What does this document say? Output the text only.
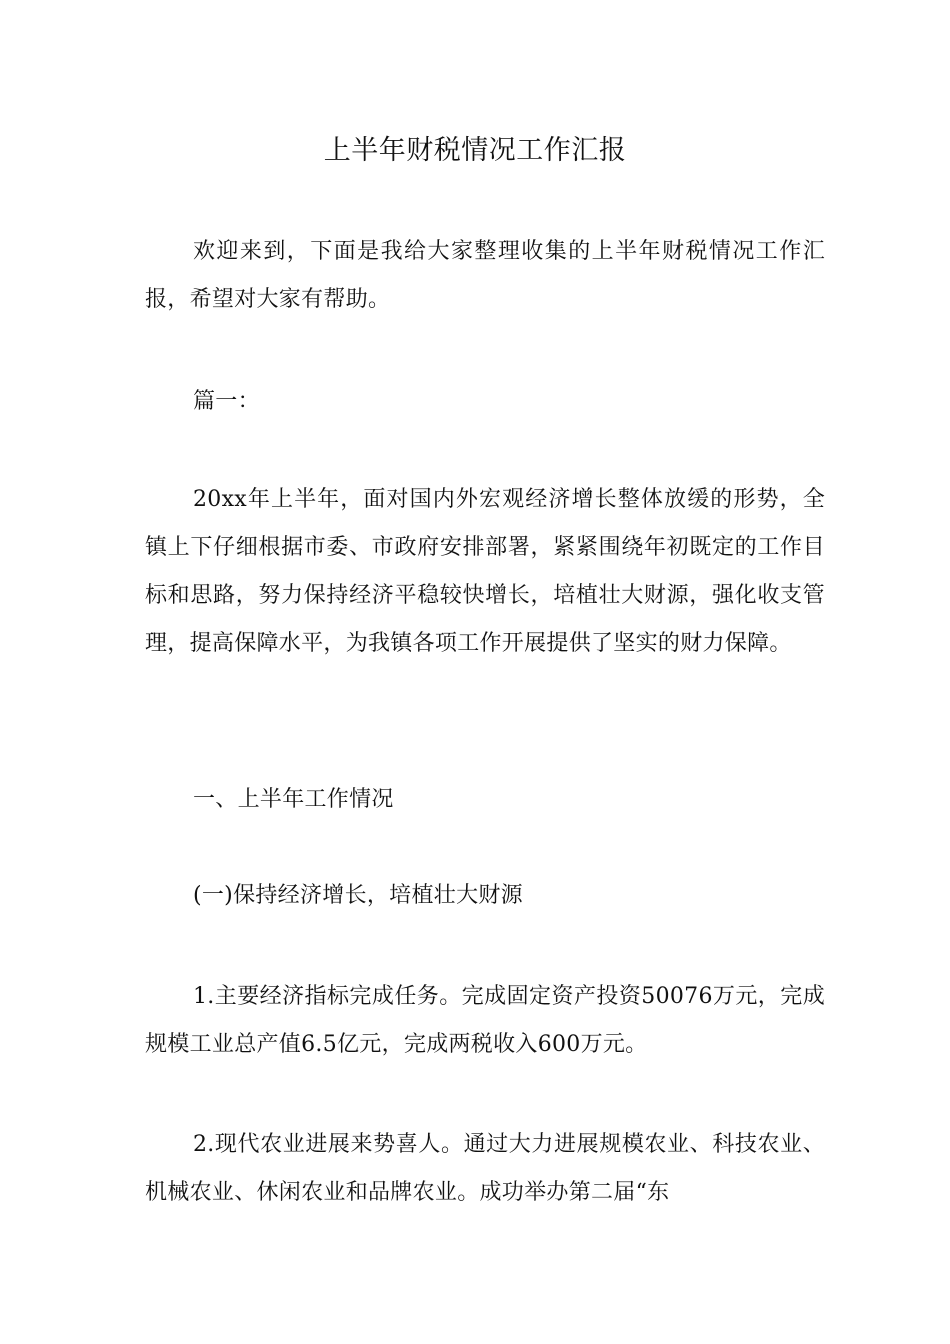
上半年财税情况工作汇报

欢迎来到，下面是我给大家整理收集的上半年财税情况工作汇报，希望对大家有帮助。

篇一：

20xx年上半年，面对国内外宏观经济增长整体放缓的形势，全镇上下仔细根据市委、市政府安排部署，紧紧围绕年初既定的工作目标和思路，努力保持经济平稳较快增长，培植壮大财源，强化收支管理，提高保障水平，为我镇各项工作开展提供了坚实的财力保障。

一、上半年工作情况

(一)保持经济增长，培植壮大财源

1.主要经济指标完成任务。完成固定资产投资50076万元，完成规模工业总产值6.5亿元，完成两税收入600万元。

2.现代农业进展来势喜人。通过大力进展规模农业、科技农业、机械农业、休闲农业和品牌农业。成功举办第二届“东
